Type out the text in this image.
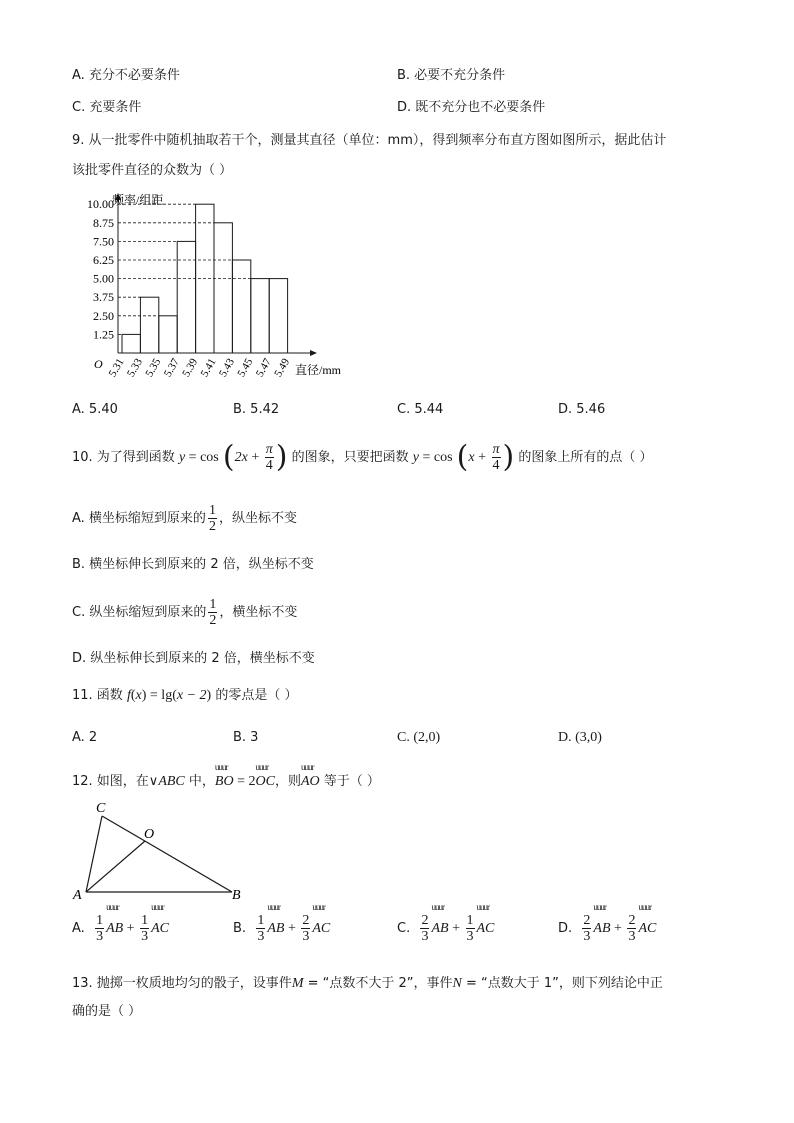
A. 充分不必要条件	B. 必要不充分条件
C. 充要条件	D. 既不充分也不必要条件
9. 从一批零件中随机抽取若干个，测量其直径（单位：mm），得到频率分布直方图如图所示，据此估计
该批零件直径的众数为（ ）
10.00
8.75
7.50
6.25
5.00
3.75
2.50
1.25
5.31
5.33
5.35
5.37
5.39
5.41
5.43
5.45
5.47
5.49
频率/组距
直径/mm
O
A. 5.40	B. 5.42	C. 5.44	D. 5.46
10. 为了得到函数 $y = \cos (2x + \frac{\pi}{4}$ ) 的图象，只要把函数 $y = \cos (x + \frac{\pi}{4}$ ) 的图象上所有的点（ ）
A. 横坐标缩短到原来的 $\frac{1}{2}$ ，纵坐标不变
B. 横坐标伸长到原来的 2 倍，纵坐标不变
C. 纵坐标缩短到原来的 $\frac{1}{2}$ ，横坐标不变
D. 纵坐标伸长到原来的 2 倍，横坐标不变
11. 函数 f(x) = lg(x − 2) 的零点是（ ）
A. 2	B. 3	C. (2,0)	D. (3,0)
12. 如图，在∨ABC 中，
uuur
BO = 2
uuur
OC，则
uuur
AO 等于（ ）
C
O
A	B
A. $\frac{1}{3}$
uuur
AB + $\frac{1}{3}$
uuur
AC	B. $\frac{1}{3}$
uuur
AB + $\frac{2}{3}$
uuur
AC	C. $\frac{2}{3}$
uuur
AB + $\frac{1}{3}$
uuur
AC	D. $\frac{2}{3}$
uuur
AB + $\frac{2}{3}$
uuur
AC
13. 抛掷一枚质地均匀的骰子，设事件M = “点数不大于 2”，事件N = “点数大于 1”，则下列结论中正
确的是（ ）
